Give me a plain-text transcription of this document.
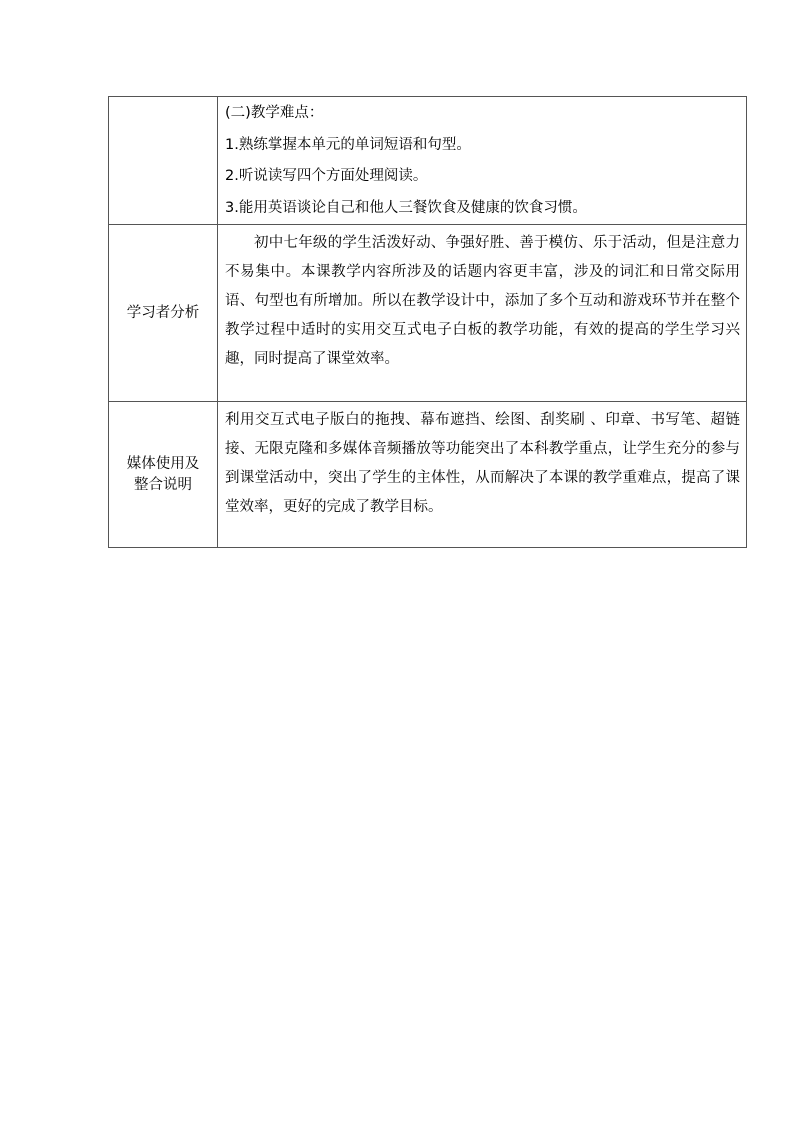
	(二)教学难点：
1.熟练掌握本单元的单词短语和句型。
2.听说读写四个方面处理阅读。
3.能用英语谈论自己和他人三餐饮食及健康的饮食习惯。

学习者分析	初中七年级的学生活泼好动、争强好胜、善于模仿、乐于活动，但是注意力不易集中。本课教学内容所涉及的话题内容更丰富，涉及的词汇和日常交际用语、句型也有所增加。所以在教学设计中，添加了多个互动和游戏环节并在整个教学过程中适时的实用交互式电子白板的教学功能，有效的提高的学生学习兴趣，同时提高了课堂效率。

媒体使用及
整合说明	利用交互式电子版白的拖拽、幕布遮挡、绘图、刮奖刷 、印章、书写笔、超链接、无限克隆和多媒体音频播放等功能突出了本科教学重点，让学生充分的参与到课堂活动中，突出了学生的主体性，从而解决了本课的教学重难点，提高了课堂效率，更好的完成了教学目标。
